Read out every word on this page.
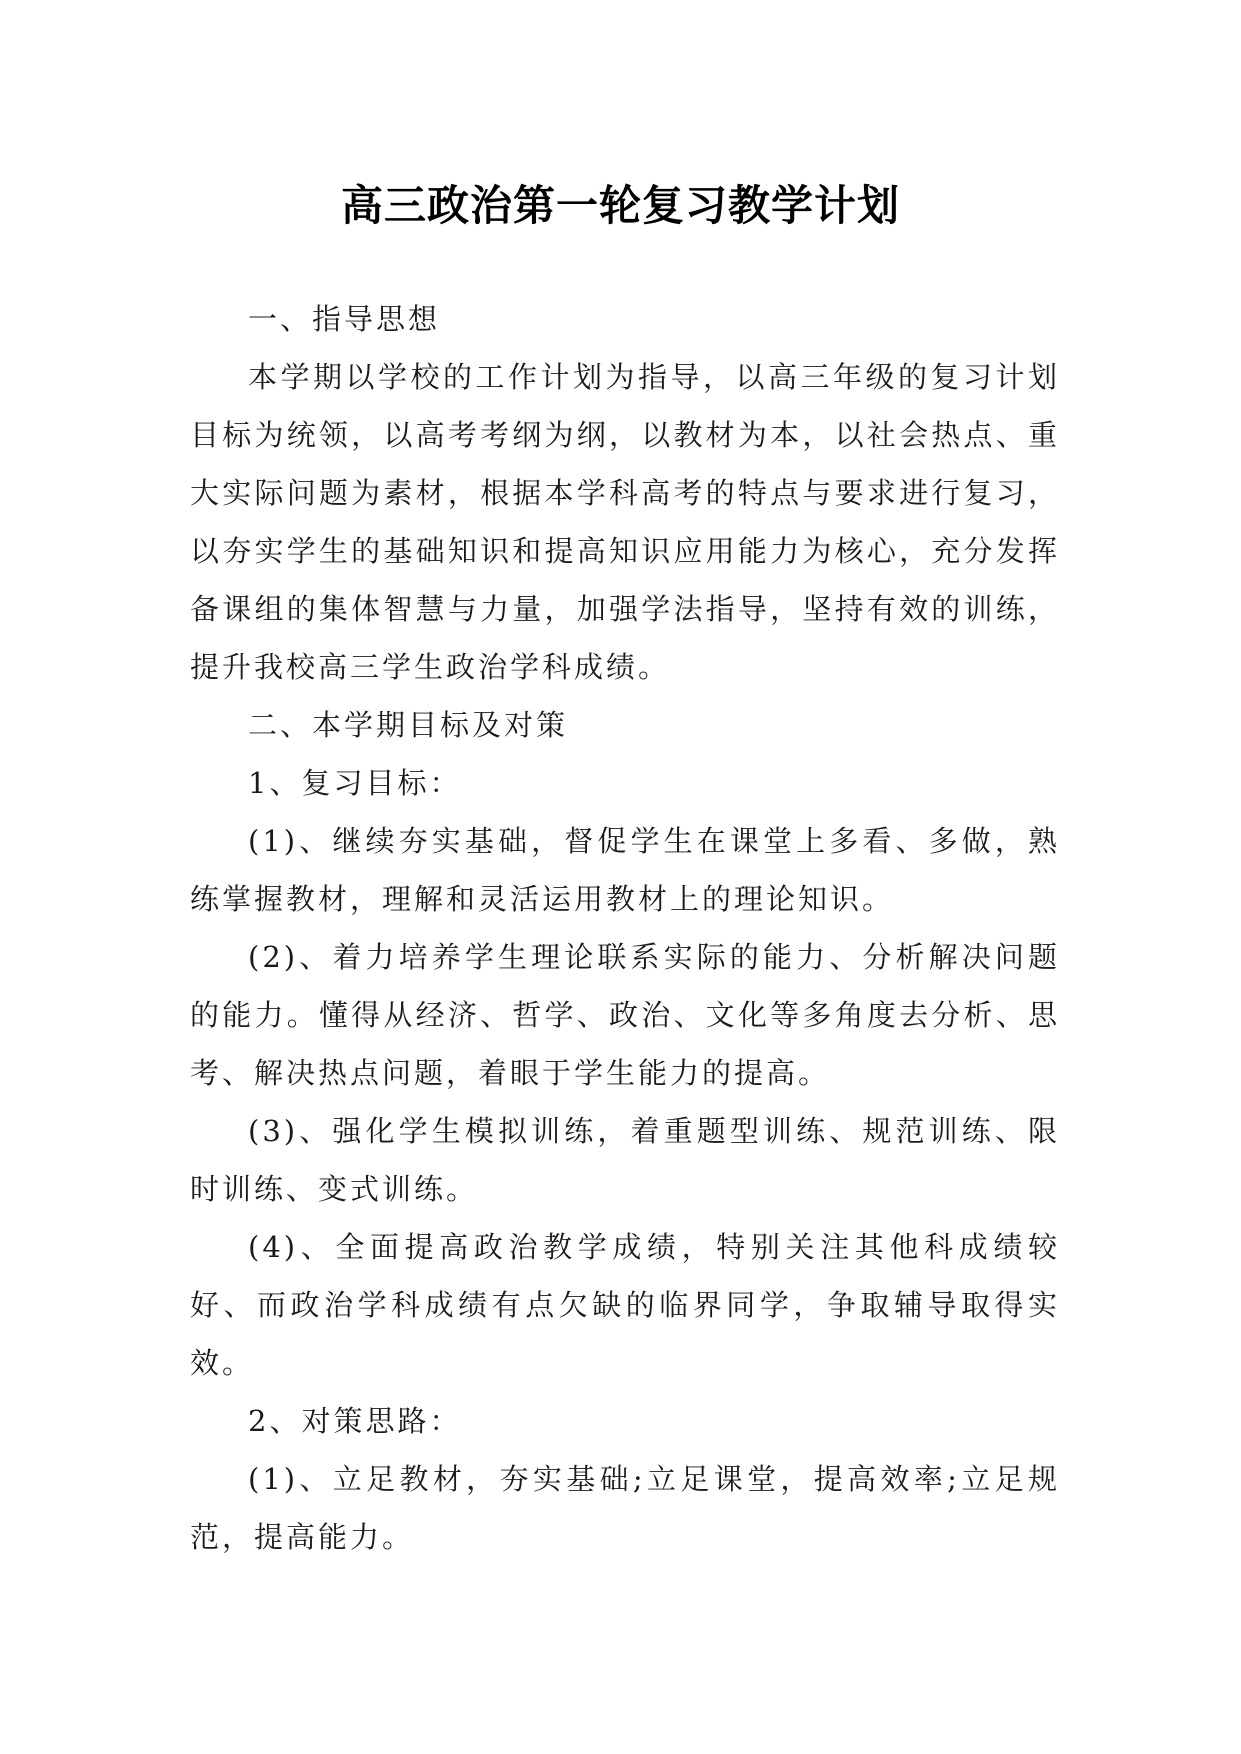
高三政治第一轮复习教学计划

一、指导思想

本学期以学校的工作计划为指导，以高三年级的复习计划目标为统领，以高考考纲为纲，以教材为本，以社会热点、重大实际问题为素材，根据本学科高考的特点与要求进行复习，以夯实学生的基础知识和提高知识应用能力为核心，充分发挥备课组的集体智慧与力量，加强学法指导，坚持有效的训练，提升我校高三学生政治学科成绩。

二、本学期目标及对策

1、复习目标：

(1)、继续夯实基础，督促学生在课堂上多看、多做，熟练掌握教材，理解和灵活运用教材上的理论知识。

(2)、着力培养学生理论联系实际的能力、分析解决问题的能力。懂得从经济、哲学、政治、文化等多角度去分析、思考、解决热点问题，着眼于学生能力的提高。

(3)、强化学生模拟训练，着重题型训练、规范训练、限时训练、变式训练。

(4)、全面提高政治教学成绩，特别关注其他科成绩较好、而政治学科成绩有点欠缺的临界同学，争取辅导取得实效。

2、对策思路：

(1)、立足教材，夯实基础;立足课堂，提高效率;立足规范，提高能力。
